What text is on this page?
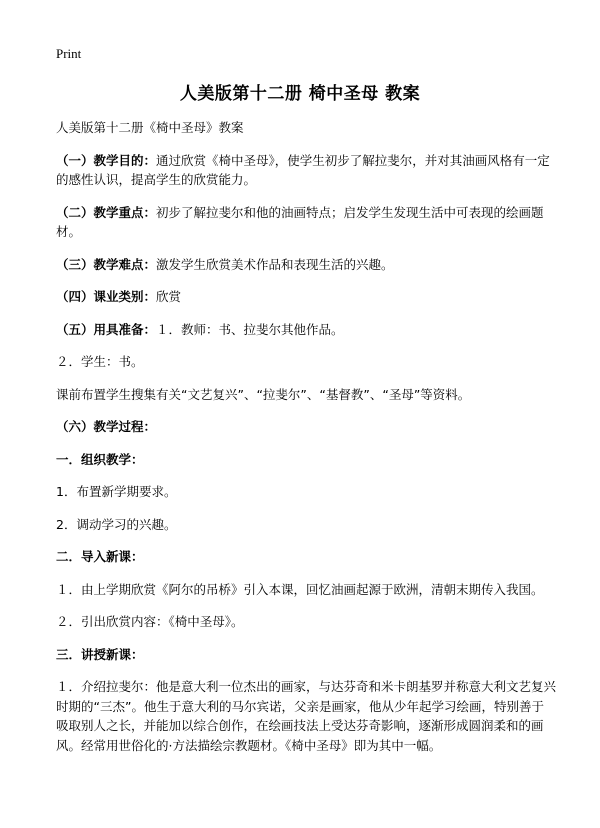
Print
人美版第十二册 椅中圣母 教案

人美版第十二册《椅中圣母》教案

（一）教学目的：通过欣赏《椅中圣母》，使学生初步了解拉斐尔，并对其油画风格有一定的感性认识，提高学生的欣赏能力。

（二）教学重点：初步了解拉斐尔和他的油画特点；启发学生发现生活中可表现的绘画题材。

（三）教学难点：激发学生欣赏美术作品和表现生活的兴趣。

（四）课业类别：欣赏

（五）用具准备：１．教师：书、拉斐尔其他作品。

２．学生：书。

课前布置学生搜集有关“文艺复兴”、“拉斐尔”、“基督教”、“圣母”等资料。

（六）教学过程：

一．组织教学：

1．布置新学期要求。

2．调动学习的兴趣。

二．导入新课：

１．由上学期欣赏《阿尔的吊桥》引入本课，回忆油画起源于欧洲，清朝末期传入我国。

２．引出欣赏内容：《椅中圣母》。

三．讲授新课：

１．介绍拉斐尔：他是意大利一位杰出的画家，与达芬奇和米卡朗基罗并称意大利文艺复兴时期的“三杰”。他生于意大利的马尔宾诺，父亲是画家，他从少年起学习绘画，特别善于吸取别人之长，并能加以综合创作，在绘画技法上受达芬奇影响，逐渐形成圆润柔和的画风。经常用世俗化的·方法描绘宗教题材。《椅中圣母》即为其中一幅。
